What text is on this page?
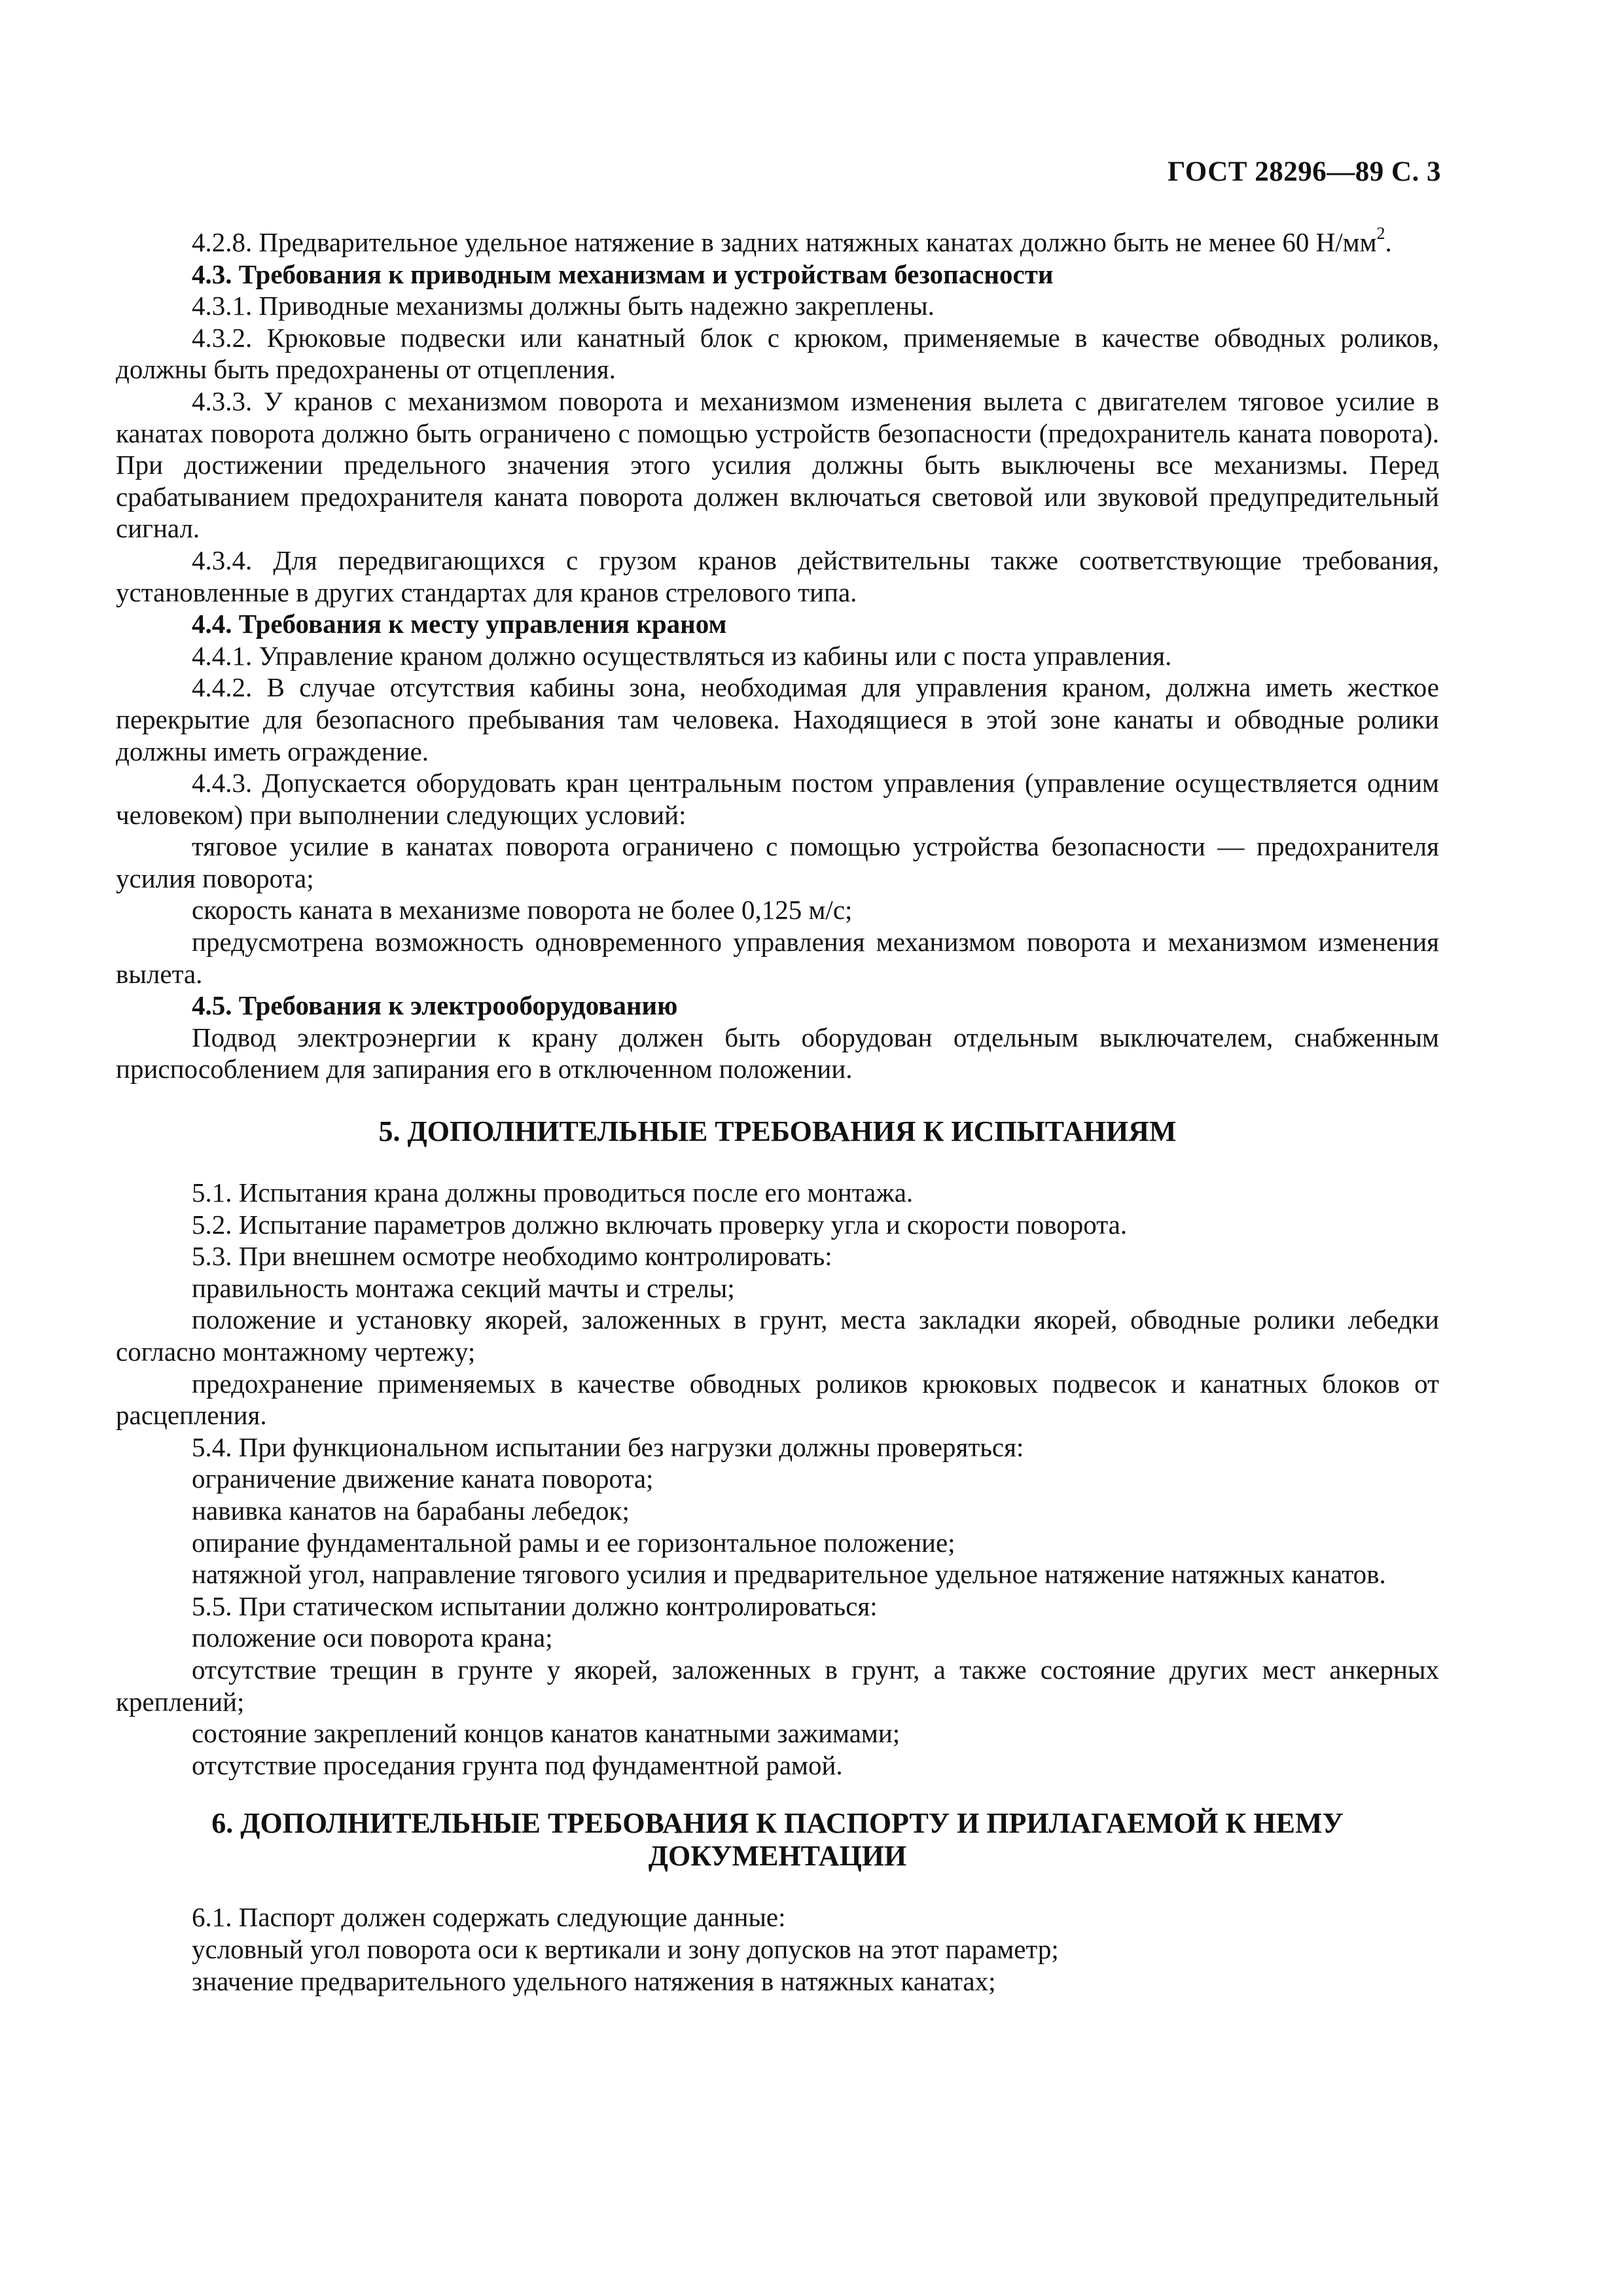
ГОСТ 28296—89 С. 3

4.2.8. Предварительное удельное натяжение в задних натяжных канатах должно быть не менее 60 $Н/мм^2$.

4.3. Требования к приводным механизмам и устройствам безопасности

4.3.1. Приводные механизмы должны быть надежно закреплены.

4.3.2. Крюковые подвески или канатный блок с крюком, применяемые в качестве обводных роликов, должны быть предохранены от отцепления.

4.3.3. У кранов с механизмом поворота и механизмом изменения вылета с двигателем тяговое усилие в канатах поворота должно быть ограничено с помощью устройств безопасности (предохранитель каната поворота). При достижении предельного значения этого усилия должны быть выключены все механизмы. Перед срабатыванием предохранителя каната поворота должен включаться световой или звуковой предупредительный сигнал.

4.3.4. Для передвигающихся с грузом кранов действительны также соответствующие требования, установленные в других стандартах для кранов стрелового типа.

4.4. Требования к месту управления краном

4.4.1. Управление краном должно осуществляться из кабины или с поста управления.

4.4.2. В случае отсутствия кабины зона, необходимая для управления краном, должна иметь жесткое перекрытие для безопасного пребывания там человека. Находящиеся в этой зоне канаты и обводные ролики должны иметь ограждение.

4.4.3. Допускается оборудовать кран центральным постом управления (управление осуществляется одним человеком) при выполнении следующих условий:

тяговое усилие в канатах поворота ограничено с помощью устройства безопасности — предохранителя усилия поворота;

скорость каната в механизме поворота не более 0,125 м/с;

предусмотрена возможность одновременного управления механизмом поворота и механизмом изменения вылета.

4.5. Требования к электрооборудованию

Подвод электроэнергии к крану должен быть оборудован отдельным выключателем, снабженным приспособлением для запирания его в отключенном положении.

5. ДОПОЛНИТЕЛЬНЫЕ ТРЕБОВАНИЯ К ИСПЫТАНИЯМ

5.1. Испытания крана должны проводиться после его монтажа.

5.2. Испытание параметров должно включать проверку угла и скорости поворота.

5.3. При внешнем осмотре необходимо контролировать:

правильность монтажа секций мачты и стрелы;

положение и установку якорей, заложенных в грунт, места закладки якорей, обводные ролики лебедки согласно монтажному чертежу;

предохранение применяемых в качестве обводных роликов крюковых подвесок и канатных блоков от расцепления.

5.4. При функциональном испытании без нагрузки должны проверяться:

ограничение движение каната поворота;

навивка канатов на барабаны лебедок;

опирание фундаментальной рамы и ее горизонтальное положение;

натяжной угол, направление тягового усилия и предварительное удельное натяжение натяжных канатов.

5.5. При статическом испытании должно контролироваться:

положение оси поворота крана;

отсутствие трещин в грунте у якорей, заложенных в грунт, а также состояние других мест анкерных креплений;

состояние закреплений концов канатов канатными зажимами;

отсутствие проседания грунта под фундаментной рамой.

6. ДОПОЛНИТЕЛЬНЫЕ ТРЕБОВАНИЯ К ПАСПОРТУ И ПРИЛАГАЕМОЙ К НЕМУ ДОКУМЕНТАЦИИ

6.1. Паспорт должен содержать следующие данные:

условный угол поворота оси к вертикали и зону допусков на этот параметр;

значение предварительного удельного натяжения в натяжных канатах;
